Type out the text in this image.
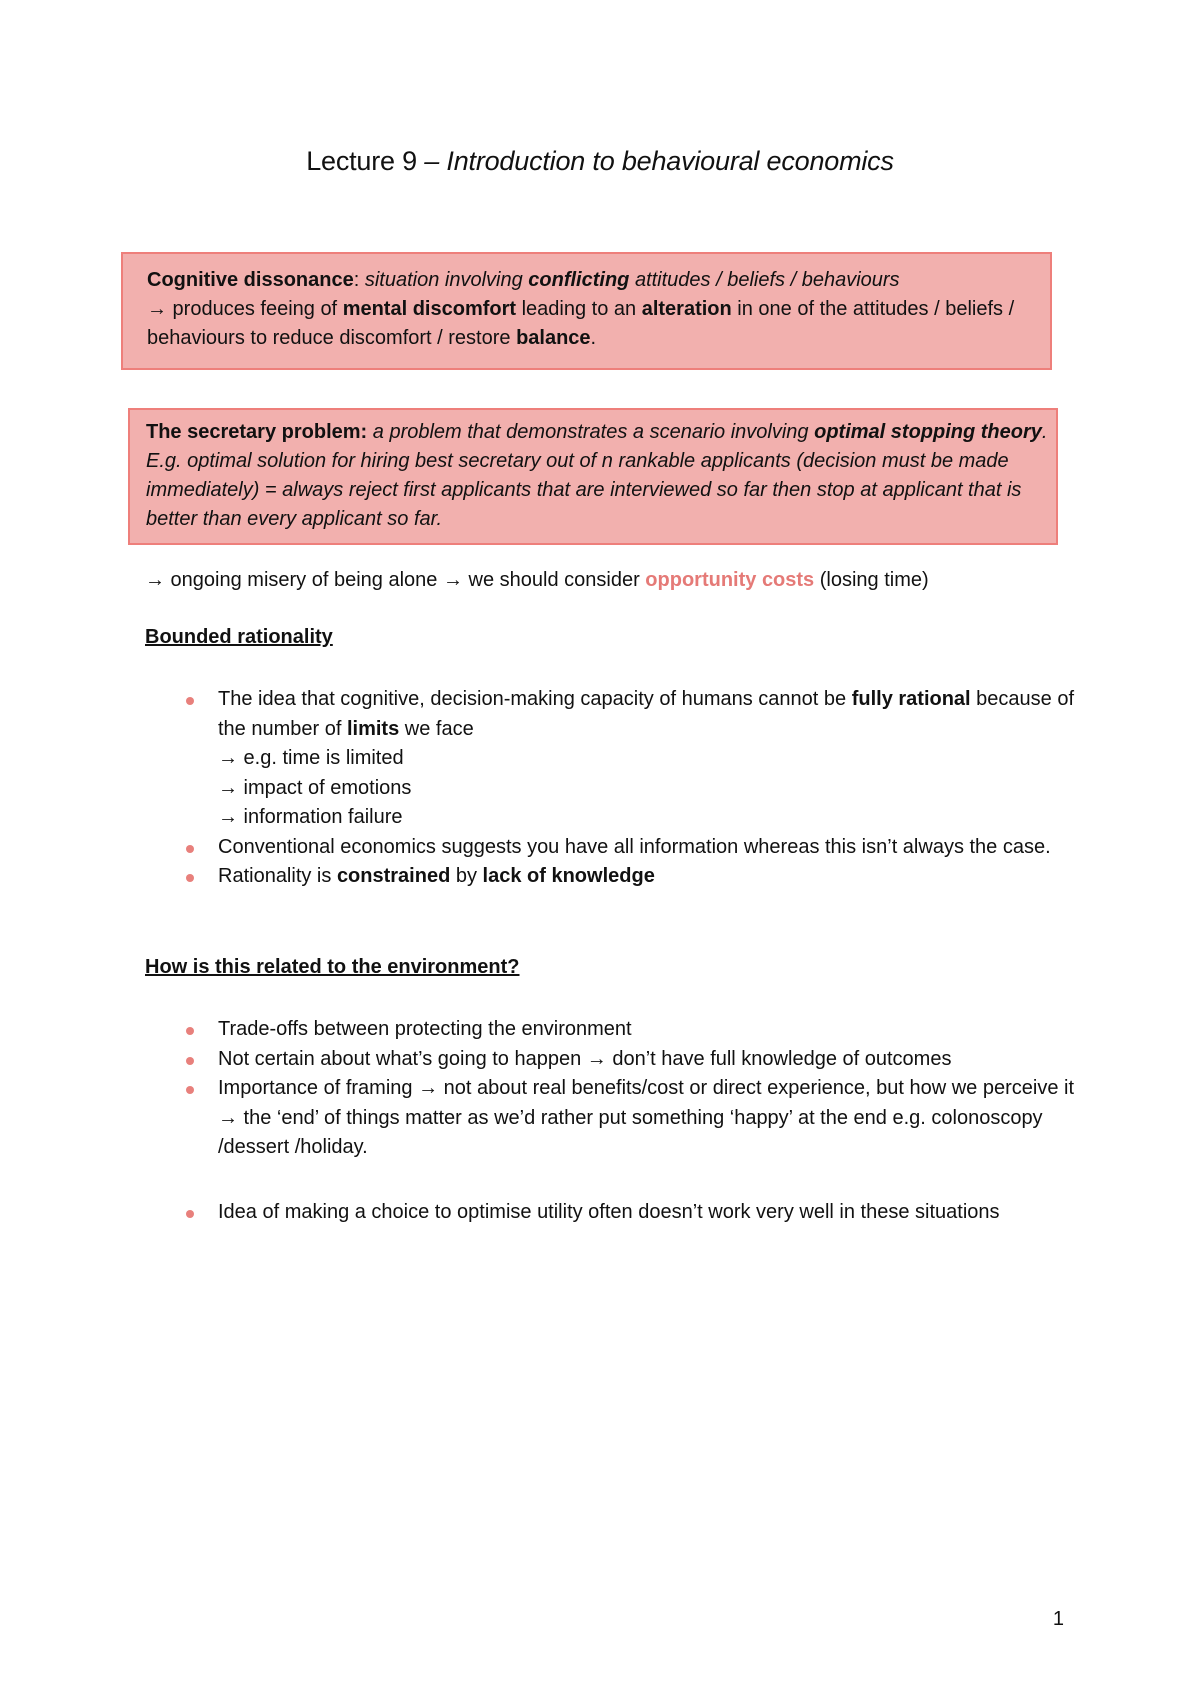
Lecture 9 – Introduction to behavioural economics
Cognitive dissonance: situation involving conflicting attitudes / beliefs / behaviours
→ produces feeing of mental discomfort leading to an alteration in one of the attitudes / beliefs / behaviours to reduce discomfort / restore balance.
The secretary problem: a problem that demonstrates a scenario involving optimal stopping theory. E.g. optimal solution for hiring best secretary out of n rankable applicants (decision must be made immediately) = always reject first applicants that are interviewed so far then stop at applicant that is better than every applicant so far.
→ ongoing misery of being alone → we should consider opportunity costs (losing time)
Bounded rationality
The idea that cognitive, decision-making capacity of humans cannot be fully rational because of the number of limits we face
→ e.g. time is limited
→ impact of emotions
→ information failure
Conventional economics suggests you have all information whereas this isn’t always the case.
Rationality is constrained by lack of knowledge
How is this related to the environment?
Trade-offs between protecting the environment
Not certain about what’s going to happen → don’t have full knowledge of outcomes
Importance of framing → not about real benefits/cost or direct experience, but how we perceive it → the ‘end’ of things matter as we’d rather put something ‘happy’ at the end e.g. colonoscopy /dessert /holiday.
Idea of making a choice to optimise utility often doesn’t work very well in these situations
1
